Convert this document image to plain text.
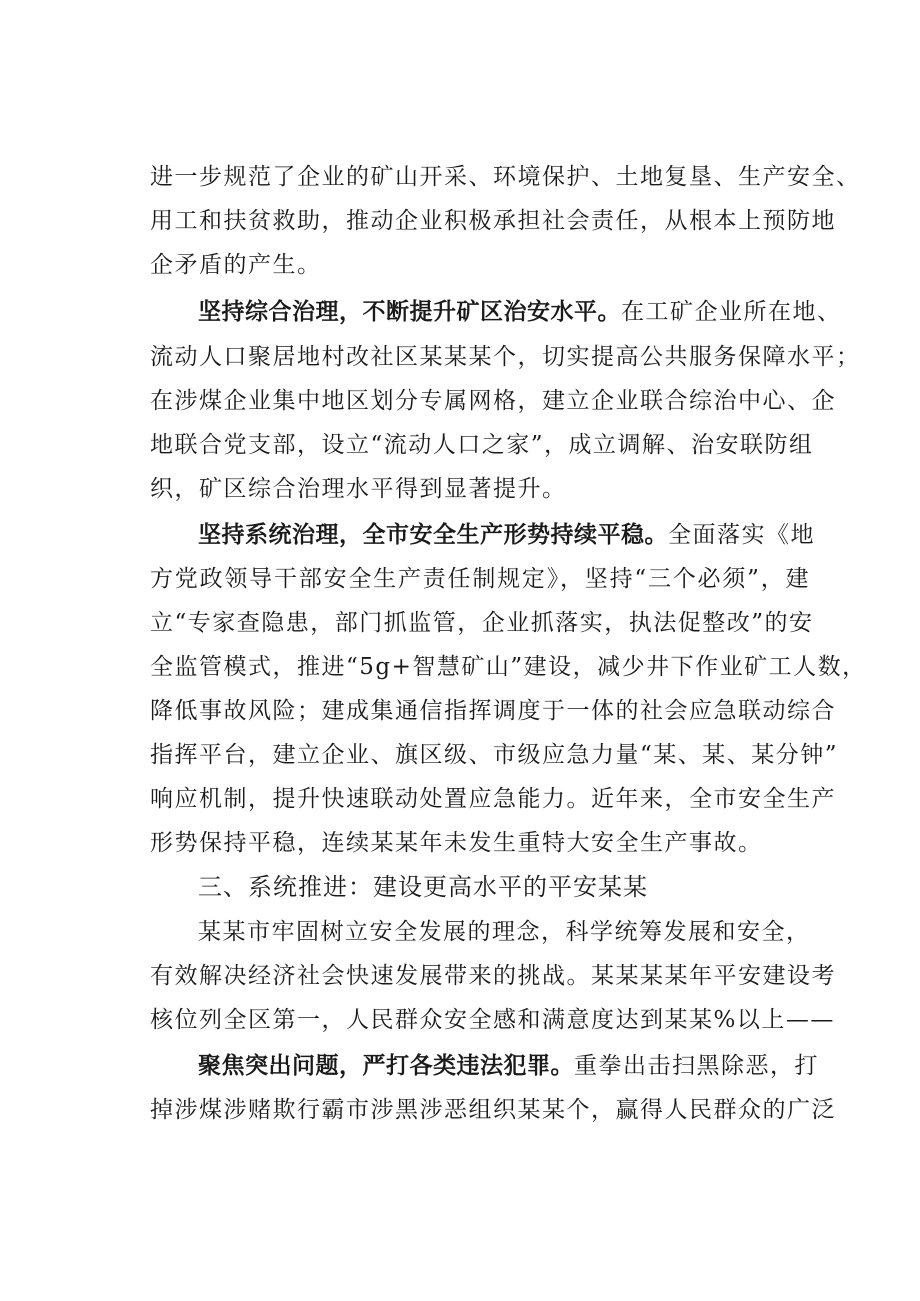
进一步规范了企业的矿山开采、环境保护、土地复垦、生产安全、
用工和扶贫救助，推动企业积极承担社会责任，从根本上预防地
企矛盾的产生。
坚持综合治理，不断提升矿区治安水平。在工矿企业所在地、
流动人口聚居地村改社区某某某个，切实提高公共服务保障水平；
在涉煤企业集中地区划分专属网格，建立企业联合综治中心、企
地联合党支部，设立“流动人口之家”，成立调解、治安联防组
织，矿区综合治理水平得到显著提升。
坚持系统治理，全市安全生产形势持续平稳。全面落实《地
方党政领导干部安全生产责任制规定》，坚持“三个必须”，建
立“专家查隐患，部门抓监管，企业抓落实，执法促整改”的安
全监管模式，推进“5g+智慧矿山”建设，减少井下作业矿工人数，
降低事故风险；建成集通信指挥调度于一体的社会应急联动综合
指挥平台，建立企业、旗区级、市级应急力量“某、某、某分钟”
响应机制，提升快速联动处置应急能力。近年来，全市安全生产
形势保持平稳，连续某某年未发生重特大安全生产事故。
三、系统推进：建设更高水平的平安某某
某某市牢固树立安全发展的理念，科学统筹发展和安全，
有效解决经济社会快速发展带来的挑战。某某某某年平安建设考
核位列全区第一，人民群众安全感和满意度达到某某%以上——
聚焦突出问题，严打各类违法犯罪。重拳出击扫黑除恶，打
掉涉煤涉赌欺行霸市涉黑涉恶组织某某个，赢得人民群众的广泛
